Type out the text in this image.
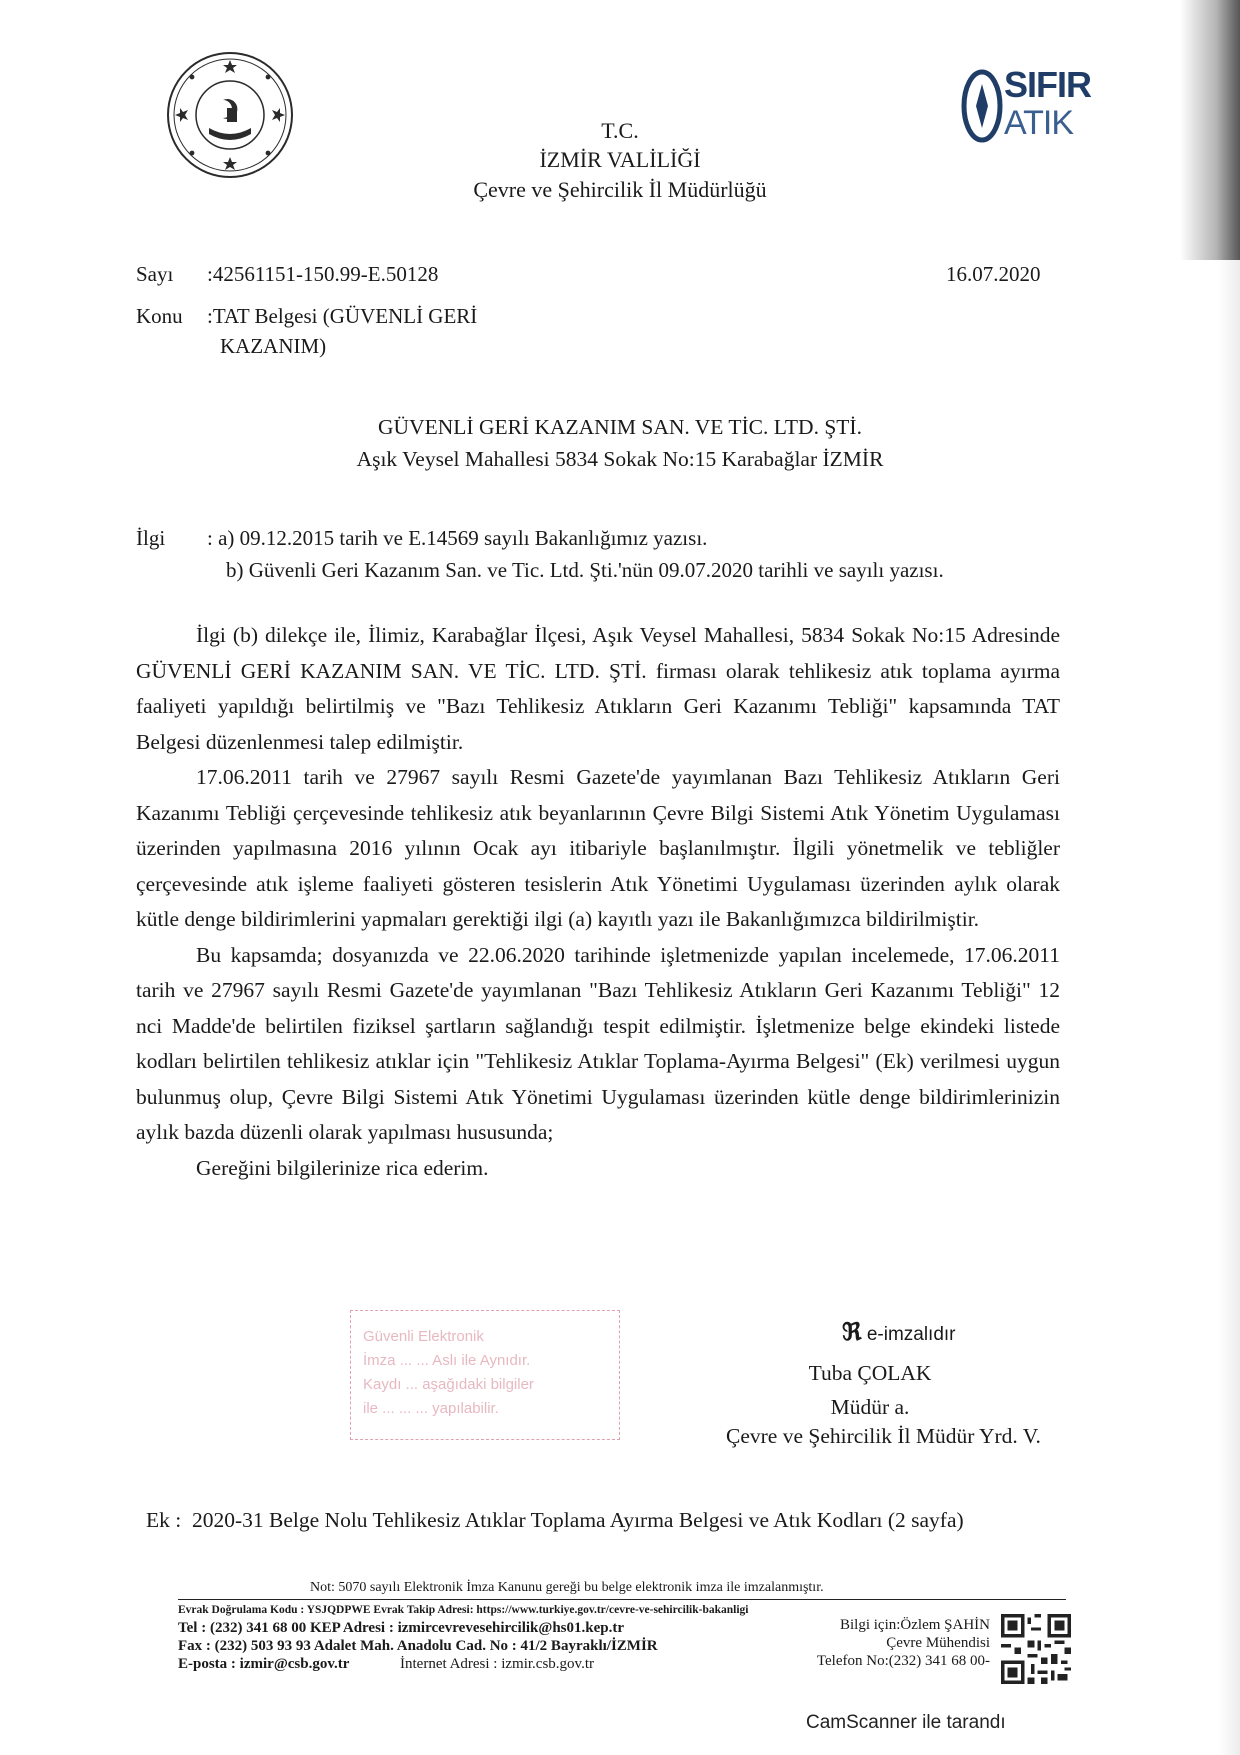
SIFIR
ATIK
T.C.
İZMİR VALİLİĞİ
Çevre ve Şehircilik İl Müdürlüğü
Sayı :42561151-150.99-E.50128	16.07.2020
Konu :TAT Belgesi (GÜVENLİ GERİ
KAZANIM)
GÜVENLİ GERİ KAZANIM SAN. VE TİC. LTD. ŞTİ.
Aşık Veysel Mahallesi 5834 Sokak No:15 Karabağlar İZMİR
İlgi : a) 09.12.2015 tarih ve E.14569 sayılı Bakanlığımız yazısı.
b) Güvenli Geri Kazanım San. ve Tic. Ltd. Şti.'nün 09.07.2020 tarihli ve sayılı yazısı.

İlgi (b) dilekçe ile, İlimiz, Karabağlar İlçesi, Aşık Veysel Mahallesi, 5834 Sokak No:15 Adresinde GÜVENLİ GERİ KAZANIM SAN. VE TİC. LTD. ŞTİ. firması olarak tehlikesiz atık toplama ayırma faaliyeti yapıldığı belirtilmiş ve "Bazı Tehlikesiz Atıkların Geri Kazanımı Tebliği" kapsamında TAT Belgesi düzenlenmesi talep edilmiştir.

17.06.2011 tarih ve 27967 sayılı Resmi Gazete'de yayımlanan Bazı Tehlikesiz Atıkların Geri Kazanımı Tebliği çerçevesinde tehlikesiz atık beyanlarının Çevre Bilgi Sistemi Atık Yönetim Uygulaması üzerinden yapılmasına 2016 yılının Ocak ayı itibariyle başlanılmıştır. İlgili yönetmelik ve tebliğler çerçevesinde atık işleme faaliyeti gösteren tesislerin Atık Yönetimi Uygulaması üzerinden aylık olarak kütle denge bildirimlerini yapmaları gerektiği ilgi (a) kayıtlı yazı ile Bakanlığımızca bildirilmiştir.

Bu kapsamda; dosyanızda ve 22.06.2020 tarihinde işletmenizde yapılan incelemede, 17.06.2011 tarih ve 27967 sayılı Resmi Gazete'de yayımlanan "Bazı Tehlikesiz Atıkların Geri Kazanımı Tebliği" 12 nci Madde'de belirtilen fiziksel şartların sağlandığı tespit edilmiştir. İşletmenize belge ekindeki listede kodları belirtilen tehlikesiz atıklar için "Tehlikesiz Atıklar Toplama-Ayırma Belgesi" (Ek) verilmesi uygun bulunmuş olup, Çevre Bilgi Sistemi Atık Yönetimi Uygulaması üzerinden kütle denge bildirimlerinizin aylık bazda düzenli olarak yapılması hususunda;

Gereğini bilgilerinize rica ederim.

Güvenli Elektronik
İmza ... ... Aslı ile Aynıdır.
Kaydı ... aşağıdaki bilgiler
ile ... ... ... yapılabilir.
ℜ e-imzalıdır
Tuba ÇOLAK
Müdür a.
Çevre ve Şehircilik İl Müdür Yrd. V.
Ek : 2020-31 Belge Nolu Tehlikesiz Atıklar Toplama Ayırma Belgesi ve Atık Kodları (2 sayfa)
Not: 5070 sayılı Elektronik İmza Kanunu gereği bu belge elektronik imza ile imzalanmıştır.
Evrak Doğrulama Kodu : YSJQDPWE Evrak Takip Adresi: https://www.turkiye.gov.tr/cevre-ve-sehircilik-bakanligi
Tel : (232) 341 68 00 KEP Adresi : izmircevrevesehircilik@hs01.kep.tr
Fax : (232) 503 93 93 Adalet Mah. Anadolu Cad. No : 41/2 Bayraklı/İZMİR
E-posta : izmir@csb.gov.tr	İnternet Adresi : izmir.csb.gov.tr
Bilgi için:Özlem ŞAHİN
Çevre Mühendisi
Telefon No:(232) 341 68 00-
CamScanner ile tarandı
